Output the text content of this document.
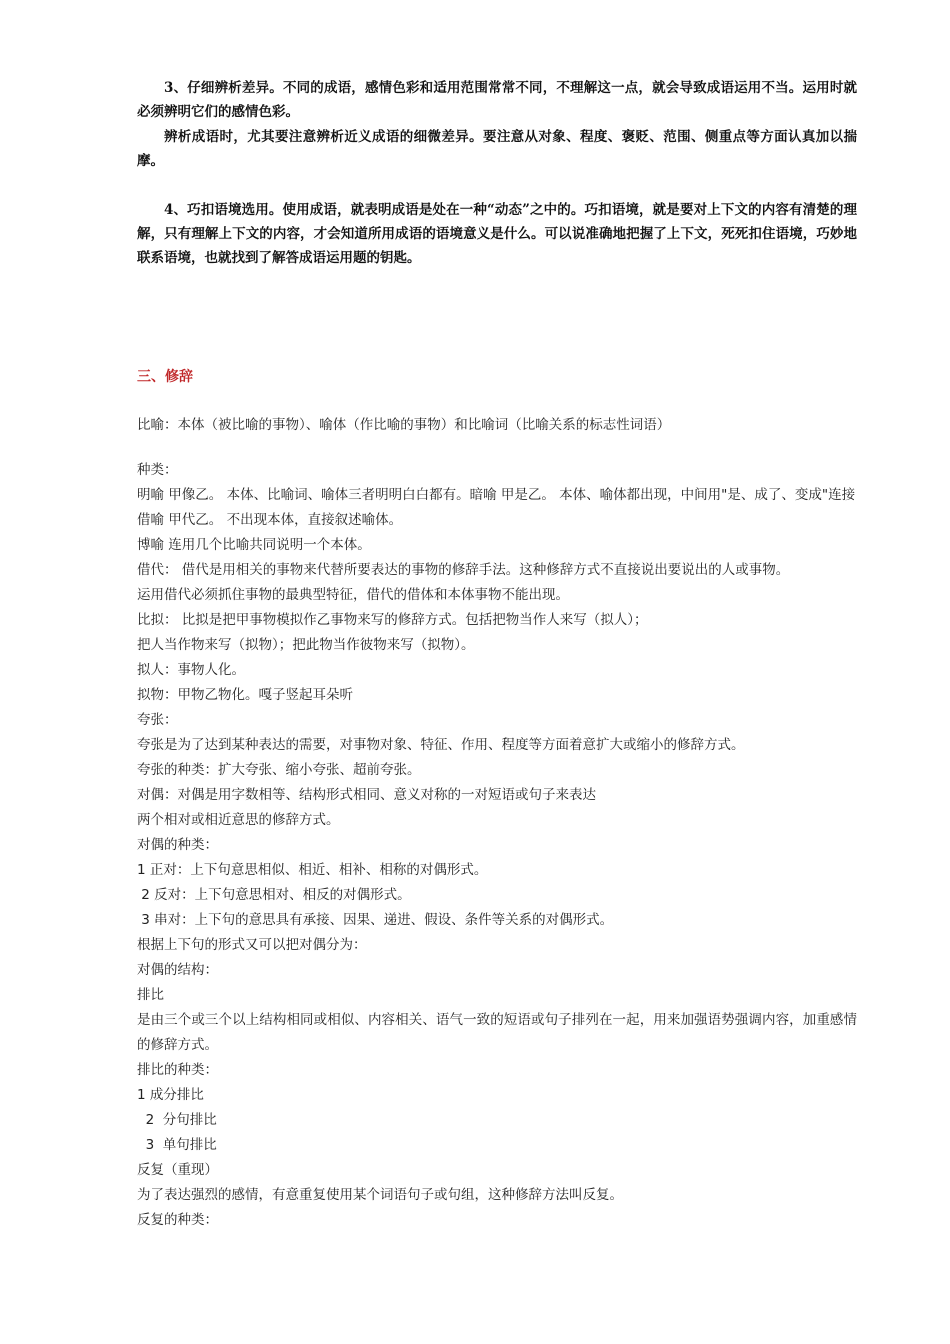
3、仔细辨析差异。不同的成语，感情色彩和适用范围常常不同，不理解这一点，就会导致成语运用不当。运用时就必须辨明它们的感情色彩。

辨析成语时，尤其要注意辨析近义成语的细微差异。要注意从对象、程度、褒贬、范围、侧重点等方面认真加以揣摩。

4、巧扣语境选用。使用成语，就表明成语是处在一种“动态”之中的。巧扣语境，就是要对上下文的内容有清楚的理解，只有理解上下文的内容，才会知道所用成语的语境意义是什么。可以说准确地把握了上下文，死死扣住语境，巧妙地联系语境，也就找到了解答成语运用题的钥匙。

三、修辞

比喻：本体（被比喻的事物）、喻体（作比喻的事物）和比喻词（比喻关系的标志性词语）

种类：

明喻 甲像乙。 本体、比喻词、喻体三者明明白白都有。暗喻 甲是乙。 本体、喻体都出现，中间用"是、成了、变成"连接

借喻 甲代乙。 不出现本体，直接叙述喻体。

博喻 连用几个比喻共同说明一个本体。

借代： 借代是用相关的事物来代替所要表达的事物的修辞手法。这种修辞方式不直接说出要说出的人或事物。

运用借代必须抓住事物的最典型特征，借代的借体和本体事物不能出现。

比拟： 比拟是把甲事物模拟作乙事物来写的修辞方式。包括把物当作人来写（拟人）；

把人当作物来写（拟物）；把此物当作彼物来写（拟物）。

拟人：事物人化。

拟物：甲物乙物化。嘎子竖起耳朵听

夸张：

夸张是为了达到某种表达的需要，对事物对象、特征、作用、程度等方面着意扩大或缩小的修辞方式。

夸张的种类：扩大夸张、缩小夸张、超前夸张。

对偶：对偶是用字数相等、结构形式相同、意义对称的一对短语或句子来表达

两个相对或相近意思的修辞方式。

对偶的种类：

1 正对：上下句意思相似、相近、相补、相称的对偶形式。

2 反对：上下句意思相对、相反的对偶形式。

3 串对：上下句的意思具有承接、因果、递进、假设、条件等关系的对偶形式。

根据上下句的形式又可以把对偶分为：

对偶的结构：

排比

是由三个或三个以上结构相同或相似、内容相关、语气一致的短语或句子排列在一起，用来加强语势强调内容，加重感情的修辞方式。

排比的种类：

1 成分排比

2  分句排比

3  单句排比

反复（重现）

为了表达强烈的感情，有意重复使用某个词语句子或句组，这种修辞方法叫反复。

反复的种类：
